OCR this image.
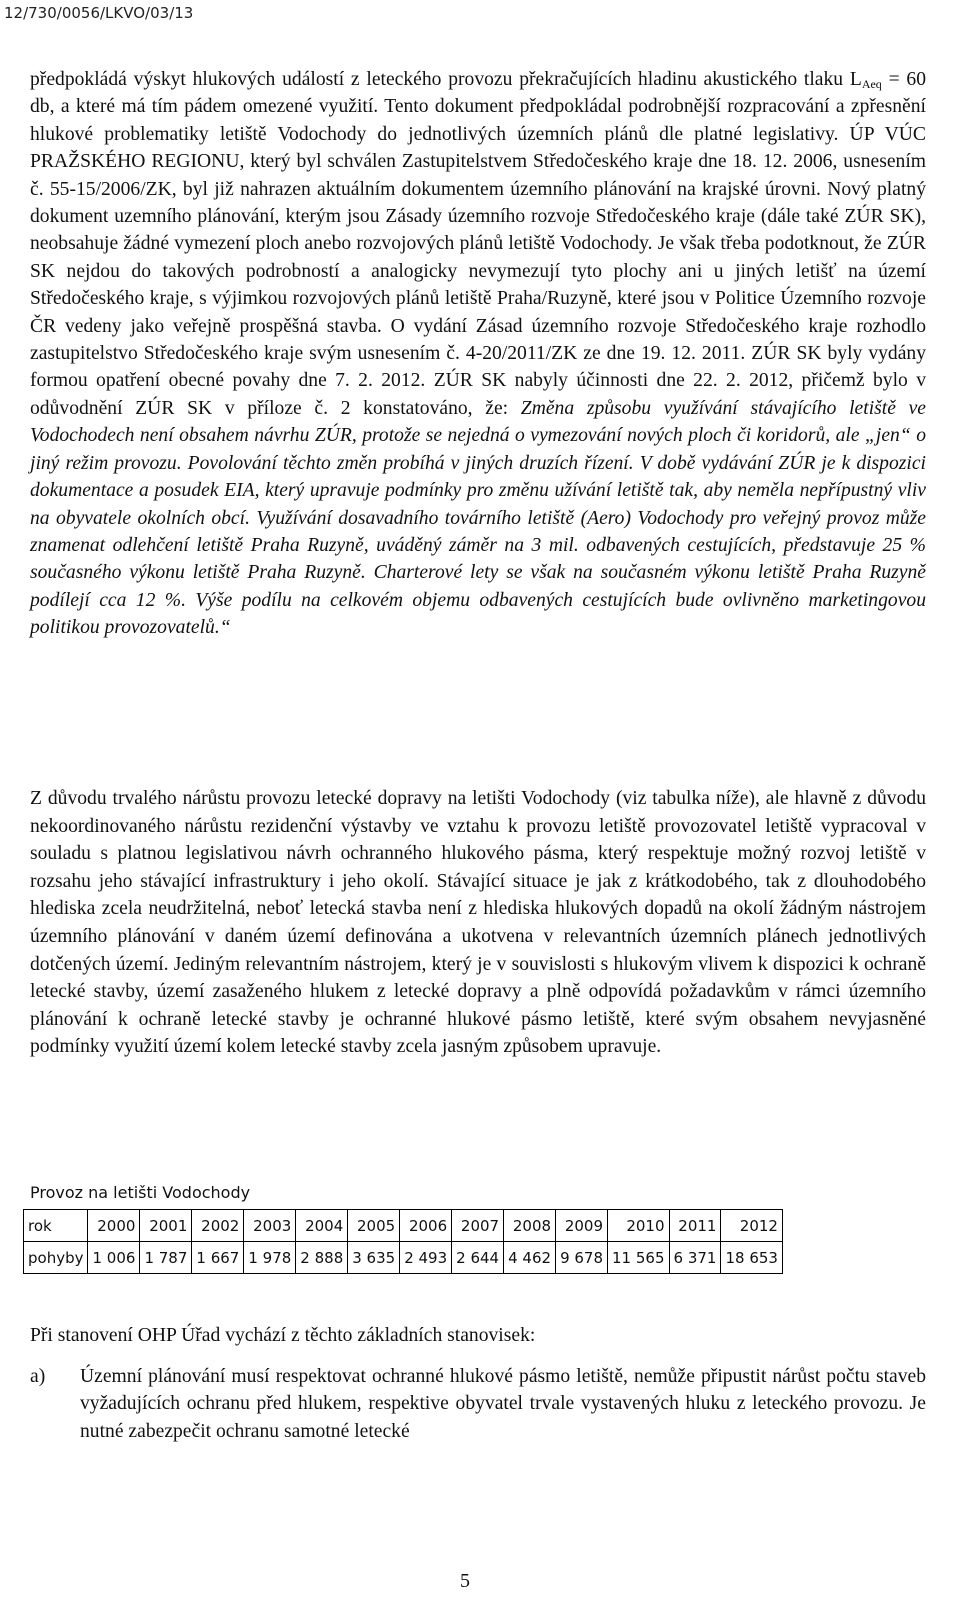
12/730/0056/LKVO/03/13
předpokládá výskyt hlukových událostí z leteckého provozu překračujících hladinu akustického tlaku $L_{Aeq} = 60$ db, a které má tím pádem omezené využití. Tento dokument předpokládal podrobnější rozpracování a zpřesnění hlukové problematiky letiště Vodochody do jednotlivých územních plánů dle platné legislativy. ÚP VÚC PRAŽSKÉHO REGIONU, který byl schválen Zastupitelstvem Středočeského kraje dne 18. 12. 2006, usnesením č. 55-15/2006/ZK, byl již nahrazen aktuálním dokumentem územního plánování na krajské úrovni. Nový platný dokument uzemního plánování, kterým jsou Zásady územního rozvoje Středočeského kraje (dále také ZÚR SK), neobsahuje žádné vymezení ploch anebo rozvojových plánů letiště Vodochody. Je však třeba podotknout, že ZÚR SK nejdou do takových podrobností a analogicky nevymezují tyto plochy ani u jiných letišť na území Středočeského kraje, s výjimkou rozvojových plánů letiště Praha/Ruzyně, které jsou v Politice Územního rozvoje ČR vedeny jako veřejně prospěšná stavba. O vydání Zásad územního rozvoje Středočeského kraje rozhodlo zastupitelstvo Středočeského kraje svým usnesením č. 4-20/2011/ZK ze dne 19. 12. 2011. ZÚR SK byly vydány formou opatření obecné povahy dne 7. 2. 2012. ZÚR SK nabyly účinnosti dne 22. 2. 2012, přičemž bylo v odůvodnění ZÚR SK v příloze č. 2 konstatováno, že: Změna způsobu využívání stávajícího letiště ve Vodochodech není obsahem návrhu ZÚR, protože se nejedná o vymezování nových ploch či koridorů, ale „jen“ o jiný režim provozu. Povolování těchto změn probíhá v jiných druzích řízení. V době vydávání ZÚR je k dispozici dokumentace a posudek EIA, který upravuje podmínky pro změnu užívání letiště tak, aby neměla nepřípustný vliv na obyvatele okolních obcí. Využívání dosavadního továrního letiště (Aero) Vodochody pro veřejný provoz může znamenat odlehčení letiště Praha Ruzyně, uváděný záměr na 3 mil. odbavených cestujících, představuje 25 % současného výkonu letiště Praha Ruzyně. Charterové lety se však na současném výkonu letiště Praha Ruzyně podílejí cca 12 %. Výše podílu na celkovém objemu odbavených cestujících bude ovlivněno marketingovou politikou provozovatelů.“
Z důvodu trvalého nárůstu provozu letecké dopravy na letišti Vodochody (viz tabulka níže), ale hlavně z důvodu nekoordinovaného nárůstu rezidenční výstavby ve vztahu k provozu letiště provozovatel letiště vypracoval v souladu s platnou legislativou návrh ochranného hlukového pásma, který respektuje možný rozvoj letiště v rozsahu jeho stávající infrastruktury i jeho okolí. Stávající situace je jak z krátkodobého, tak z dlouhodobého hlediska zcela neudržitelná, neboť letecká stavba není z hlediska hlukových dopadů na okolí žádným nástrojem územního plánování v daném území definována a ukotvena v relevantních územních plánech jednotlivých dotčených území. Jediným relevantním nástrojem, který je v souvislosti s hlukovým vlivem k dispozici k ochraně letecké stavby, území zasaženého hlukem z letecké dopravy a plně odpovídá požadavkům v rámci územního plánování k ochraně letecké stavby je ochranné hlukové pásmo letiště, které svým obsahem nevyjasněné podmínky využití území kolem letecké stavby zcela jasným způsobem upravuje.
Provoz na letišti Vodochody
rok	2000	2001	2002	2003	2004	2005	2006	2007	2008	2009	2010	2011	2012
pohyby	1 006	1 787	1 667	1 978	2 888	3 635	2 493	2 644	4 462	9 678	11 565	6 371	18 653
Při stanovení OHP Úřad vychází z těchto základních stanovisek:
a) Územní plánování musí respektovat ochranné hlukové pásmo letiště, nemůže připustit nárůst počtu staveb vyžadujících ochranu před hlukem, respektive obyvatel trvale vystavených hluku z leteckého provozu. Je nutné zabezpečit ochranu samotné letecké
5
